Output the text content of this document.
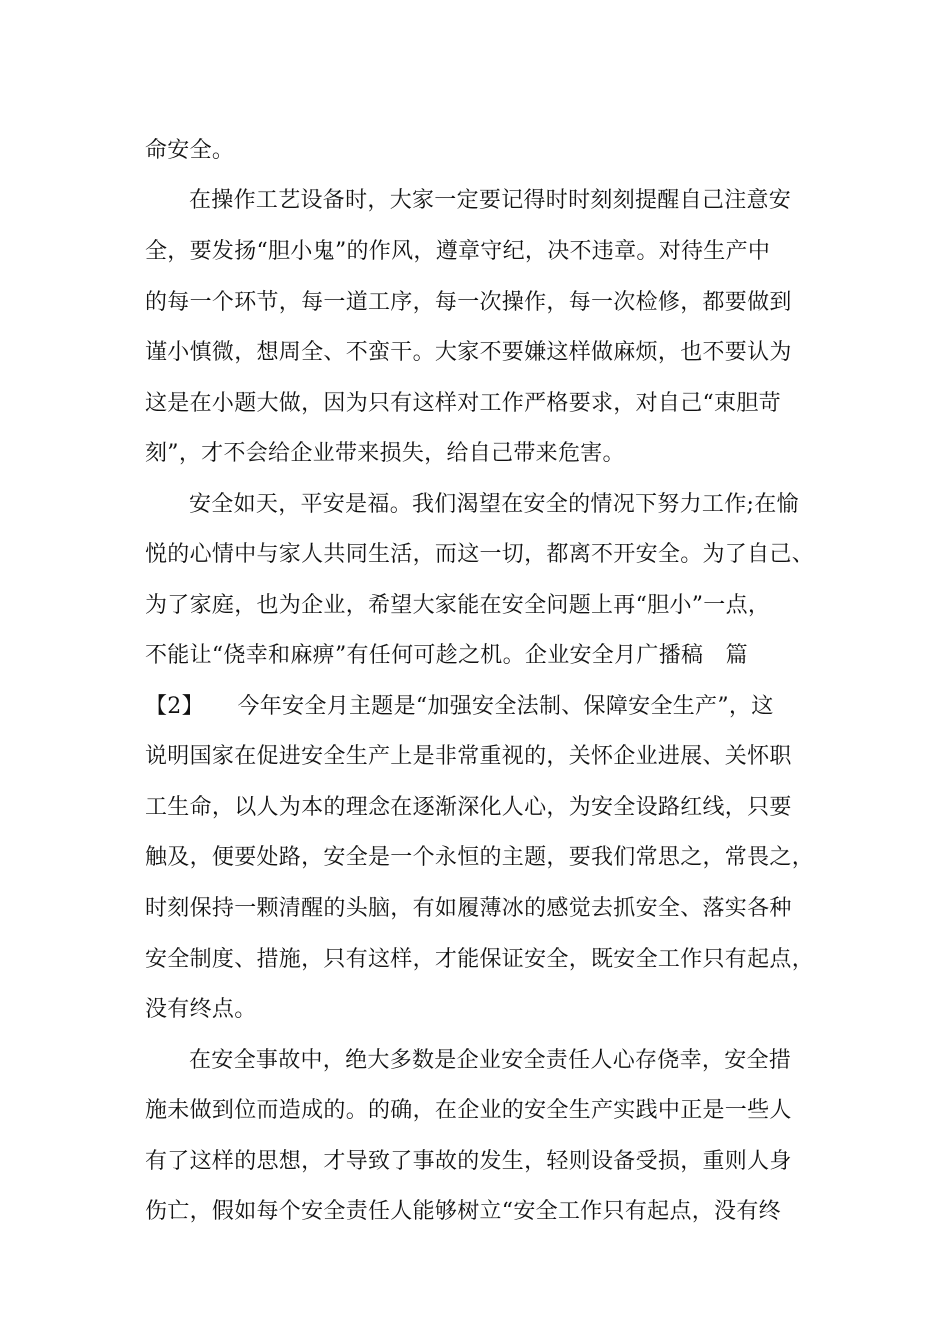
命安全。
在操作工艺设备时，大家一定要记得时时刻刻提醒自己注意安
全，要发扬“胆小鬼”的作风，遵章守纪，决不违章。对待生产中
的每一个环节，每一道工序，每一次操作，每一次检修，都要做到
谨小慎微，想周全、不蛮干。大家不要嫌这样做麻烦，也不要认为
这是在小题大做，因为只有这样对工作严格要求，对自己“束胆苛
刻”，才不会给企业带来损失，给自己带来危害。
安全如天，平安是福。我们渴望在安全的情况下努力工作;在愉
悦的心情中与家人共同生活，而这一切，都离不开安全。为了自己、
为了家庭，也为企业，希望大家能在安全问题上再“胆小”一点，
不能让“侥幸和麻痹”有任何可趁之机。企业安全月广播稿　篇
【2】　　今年安全月主题是“加强安全法制、保障安全生产”，这
说明国家在促进安全生产上是非常重视的，关怀企业进展、关怀职
工生命，以人为本的理念在逐渐深化人心，为安全设路红线，只要
触及，便要处路，安全是一个永恒的主题，要我们常思之，常畏之，
时刻保持一颗清醒的头脑，有如履薄冰的感觉去抓安全、落实各种
安全制度、措施，只有这样，才能保证安全，既安全工作只有起点，
没有终点。
在安全事故中，绝大多数是企业安全责任人心存侥幸，安全措
施未做到位而造成的。的确，在企业的安全生产实践中正是一些人
有了这样的思想，才导致了事故的发生，轻则设备受损，重则人身
伤亡，假如每个安全责任人能够树立“安全工作只有起点，没有终
